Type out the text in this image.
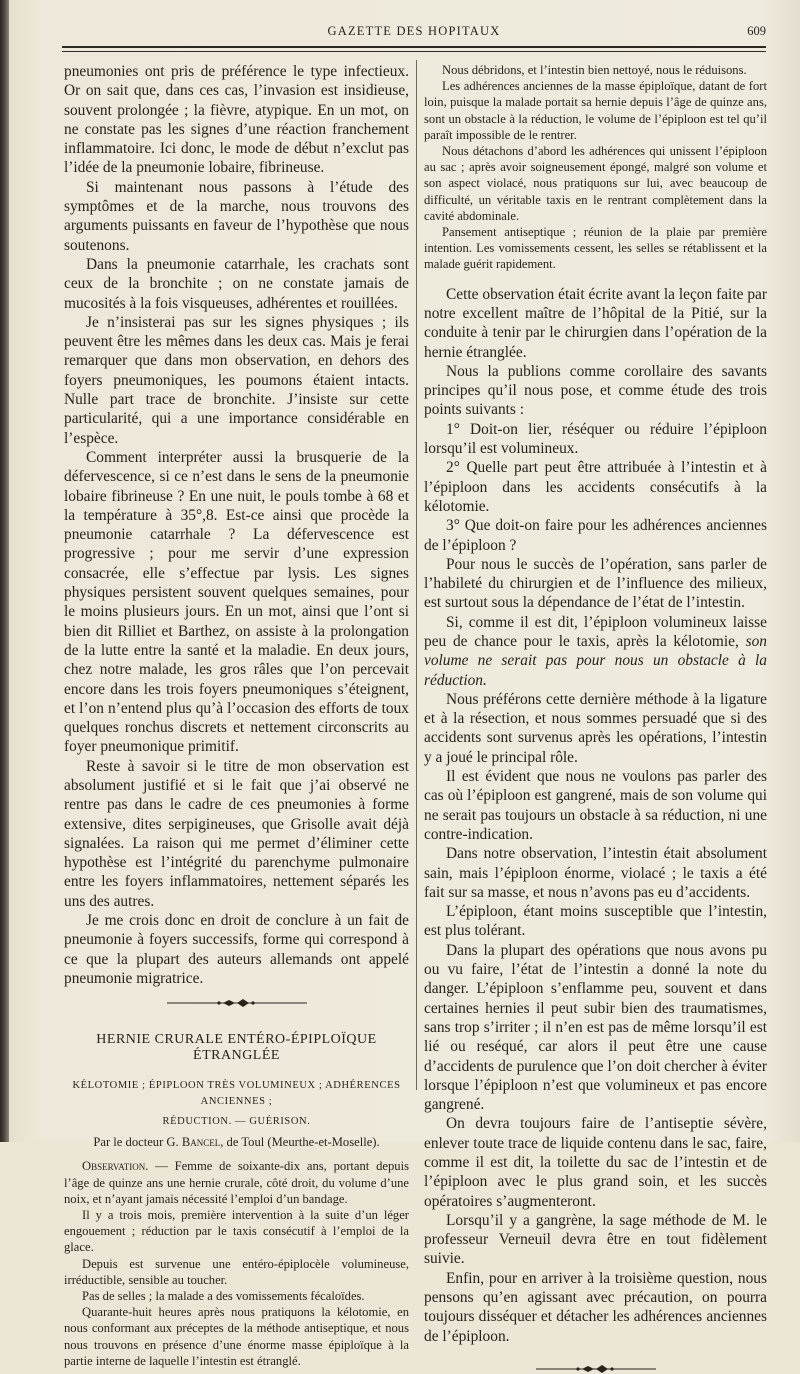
GAZETTE DES HOPITAUX	609

pneumonies ont pris de préférence le type infectieux. Or on sait que, dans ces cas, l’invasion est insidieuse, souvent prolongée ; la fièvre, atypique. En un mot, on ne constate pas les signes d’une réaction franchement inflammatoire. Ici donc, le mode de début n’exclut pas l’idée de la pneumonie lobaire, fibrineuse.

Si maintenant nous passons à l’étude des symptômes et de la marche, nous trouvons des arguments puissants en faveur de l’hypothèse que nous soutenons.

Dans la pneumonie catarrhale, les crachats sont ceux de la bronchite ; on ne constate jamais de mucosités à la fois visqueuses, adhérentes et rouillées.

Je n’insisterai pas sur les signes physiques ; ils peuvent être les mêmes dans les deux cas. Mais je ferai remarquer que dans mon observation, en dehors des foyers pneumoniques, les poumons étaient intacts. Nulle part trace de bronchite. J’insiste sur cette particularité, qui a une importance considérable en l’espèce.

Comment interpréter aussi la brusquerie de la défervescence, si ce n’est dans le sens de la pneumonie lobaire fibrineuse ? En une nuit, le pouls tombe à 68 et la température à 35°,8. Est-ce ainsi que procède la pneumonie catarrhale ? La défervescence est progressive ; pour me servir d’une expression consacrée, elle s’effectue par lysis. Les signes physiques persistent souvent quelques semaines, pour le moins plusieurs jours. En un mot, ainsi que l’ont si bien dit Rilliet et Barthez, on assiste à la prolongation de la lutte entre la santé et la maladie. En deux jours, chez notre malade, les gros râles que l’on percevait encore dans les trois foyers pneumoniques s’éteignent, et l’on n’entend plus qu’à l’occasion des efforts de toux quelques ronchus discrets et nettement circonscrits au foyer pneumonique primitif.

Reste à savoir si le titre de mon observation est absolument justifié et si le fait que j’ai observé ne rentre pas dans le cadre de ces pneumonies à forme extensive, dites serpigineuses, que Grisolle avait déjà signalées. La raison qui me permet d’éliminer cette hypothèse est l’intégrité du parenchyme pulmonaire entre les foyers inflammatoires, nettement séparés les uns des autres.

Je me crois donc en droit de conclure à un fait de pneumonie à foyers successifs, forme qui correspond à ce que la plupart des auteurs allemands ont appelé pneumonie migratrice.

HERNIE CRURALE ENTÉRO-ÉPIPLOÏQUE ÉTRANGLÉE
KÉLOTOMIE ; ÉPIPLOON TRÈS VOLUMINEUX ; ADHÉRENCES ANCIENNES ;
RÉDUCTION. — GUÉRISON.

Par le docteur G. Bancel, de Toul (Meurthe-et-Moselle).

Observation. — Femme de soixante-dix ans, portant depuis l’âge de quinze ans une hernie crurale, côté droit, du volume d’une noix, et n’ayant jamais nécessité l’emploi d’un bandage.

Il y a trois mois, première intervention à la suite d’un léger engouement ; réduction par le taxis consécutif à l’emploi de la glace.

Depuis est survenue une entéro-épiplocèle volumineuse, irréductible, sensible au toucher.

Pas de selles ; la malade a des vomissements fécaloïdes.

Quarante-huit heures après nous pratiquons la kélotomie, en nous conformant aux préceptes de la méthode antiseptique, et nous nous trouvons en présence d’une énorme masse épiploïque à la partie interne de laquelle l’intestin est étranglé.

Nous débridons, et l’intestin bien nettoyé, nous le réduisons.

Les adhérences anciennes de la masse épiploïque, datant de fort loin, puisque la malade portait sa hernie depuis l’âge de quinze ans, sont un obstacle à la réduction, le volume de l’épiploon est tel qu’il paraît impossible de le rentrer.

Nous détachons d’abord les adhérences qui unissent l’épiploon au sac ; après avoir soigneusement épongé, malgré son volume et son aspect violacé, nous pratiquons sur lui, avec beaucoup de difficulté, un véritable taxis en le rentrant complètement dans la cavité abdominale.

Pansement antiseptique ; réunion de la plaie par première intention. Les vomissements cessent, les selles se rétablissent et la malade guérit rapidement.

Cette observation était écrite avant la leçon faite par notre excellent maître de l’hôpital de la Pitié, sur la conduite à tenir par le chirurgien dans l’opération de la hernie étranglée.

Nous la publions comme corollaire des savants principes qu’il nous pose, et comme étude des trois points suivants :

1° Doit-on lier, réséquer ou réduire l’épiploon lorsqu’il est volumineux.

2° Quelle part peut être attribuée à l’intestin et à l’épiploon dans les accidents consécutifs à la kélotomie.

3° Que doit-on faire pour les adhérences anciennes de l’épiploon ?

Pour nous le succès de l’opération, sans parler de l’habileté du chirurgien et de l’influence des milieux, est surtout sous la dépendance de l’état de l’intestin.

Si, comme il est dit, l’épiploon volumineux laisse peu de chance pour le taxis, après la kélotomie, son volume ne serait pas pour nous un obstacle à la réduction.

Nous préférons cette dernière méthode à la ligature et à la résection, et nous sommes persuadé que si des accidents sont survenus après les opérations, l’intestin y a joué le principal rôle.

Il est évident que nous ne voulons pas parler des cas où l’épiploon est gangrené, mais de son volume qui ne serait pas toujours un obstacle à sa réduction, ni une contre-indication.

Dans notre observation, l’intestin était absolument sain, mais l’épiploon énorme, violacé ; le taxis a été fait sur sa masse, et nous n’avons pas eu d’accidents.

L’épiploon, étant moins susceptible que l’intestin, est plus tolérant.

Dans la plupart des opérations que nous avons pu ou vu faire, l’état de l’intestin a donné la note du danger. L’épiploon s’enflamme peu, souvent et dans certaines hernies il peut subir bien des traumatismes, sans trop s’irriter ; il n’en est pas de même lorsqu’il est lié ou reséqué, car alors il peut être une cause d’accidents de purulence que l’on doit chercher à éviter lorsque l’épiploon n’est que volumineux et pas encore gangrené.

On devra toujours faire de l’antiseptie sévère, enlever toute trace de liquide contenu dans le sac, faire, comme il est dit, la toilette du sac de l’intestin et de l’épiploon avec le plus grand soin, et les succès opératoires s’augmenteront.

Lorsqu’il y a gangrène, la sage méthode de M. le professeur Verneuil devra être en tout fidèlement suivie.

Enfin, pour en arriver à la troisième question, nous pensons qu’en agissant avec précaution, on pourra toujours disséquer et détacher les adhérences anciennes de l’épiploon.
